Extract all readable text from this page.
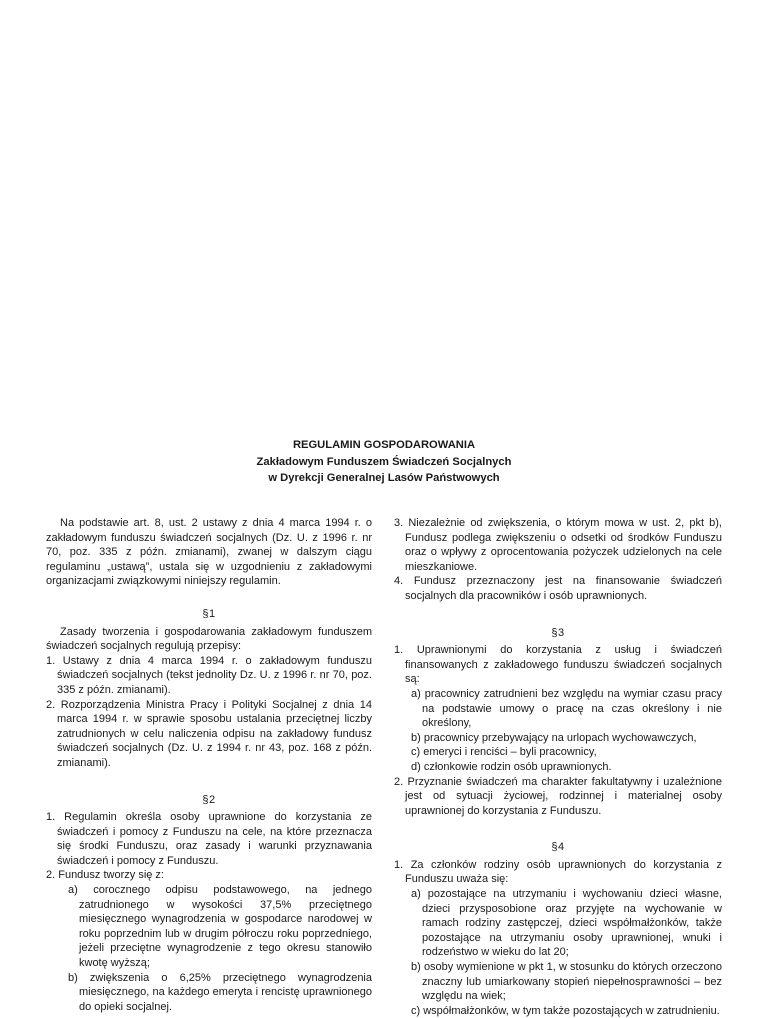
REGULAMIN GOSPODAROWANIA
Zakładowym Funduszem Świadczeń Socjalnych
w Dyrekcji Generalnej Lasów Państwowych

Na podstawie art. 8, ust. 2 ustawy z dnia 4 marca 1994 r. o zakładowym funduszu świadczeń socjalnych (Dz. U. z 1996 r. nr 70, poz. 335 z późn. zmianami), zwanej w dalszym ciągu regulaminu „ustawą”, ustala się w uzgodnieniu z zakładowymi organizacjami związkowymi niniejszy regulamin.

§1

Zasady tworzenia i gospodarowania zakładowym funduszem świadczeń socjalnych regulują przepisy:

1. Ustawy z dnia 4 marca 1994 r. o zakładowym funduszu świadczeń socjalnych (tekst jednolity Dz. U. z 1996 r. nr 70, poz. 335 z późn. zmianami).

2. Rozporządzenia Ministra Pracy i Polityki Socjalnej z dnia 14 marca 1994 r. w sprawie sposobu ustalania przeciętnej liczby zatrudnionych w celu naliczenia odpisu na zakładowy fundusz świadczeń socjalnych (Dz. U. z 1994 r. nr 43, poz. 168 z późn. zmianami).

§2

1. Regulamin określa osoby uprawnione do korzystania ze świadczeń i pomocy z Funduszu na cele, na które przeznacza się środki Funduszu, oraz zasady i warunki przyznawania świadczeń i pomocy z Funduszu.

2. Fundusz tworzy się z:

a) corocznego odpisu podstawowego, na jednego zatrudnionego w wysokości 37,5% przeciętnego miesięcznego wynagrodzenia w gospodarce narodowej w roku poprzednim lub w drugim półroczu roku poprzedniego, jeżeli przeciętne wynagrodzenie z tego okresu stanowiło kwotę wyższą;

b) zwiększenia o 6,25% przeciętnego wynagrodzenia miesięcznego, na każdego emeryta i rencistę uprawnionego do opieki socjalnej.

3. Niezależnie od zwiększenia, o którym mowa w ust. 2, pkt b), Fundusz podlega zwiększeniu o odsetki od środków Funduszu oraz o wpływy z oprocentowania pożyczek udzielonych na cele mieszkaniowe.

4. Fundusz przeznaczony jest na finansowanie świadczeń socjalnych dla pracowników i osób uprawnionych.

§3

1. Uprawnionymi do korzystania z usług i świadczeń finansowanych z zakładowego funduszu świadczeń socjalnych są:

a) pracownicy zatrudnieni bez względu na wymiar czasu pracy na podstawie umowy o pracę na czas określony i nie określony,

b) pracownicy przebywający na urlopach wychowawczych,

c) emeryci i renciści – byli pracownicy,

d) członkowie rodzin osób uprawnionych.

2. Przyznanie świadczeń ma charakter fakultatywny i uzależnione jest od sytuacji życiowej, rodzinnej i materialnej osoby uprawnionej do korzystania z Funduszu.

§4

1. Za członków rodziny osób uprawnionych do korzystania z Funduszu uważa się:

a) pozostające na utrzymaniu i wychowaniu dzieci własne, dzieci przysposobione oraz przyjęte na wychowanie w ramach rodziny zastępczej, dzieci współmałżonków, także pozostające na utrzymaniu osoby uprawnionej, wnuki i rodzeństwo w wieku do lat 20;

b) osoby wymienione w pkt 1, w stosunku do których orzeczono znaczny lub umiarkowany stopień niepełnosprawności – bez względu na wiek;

c) współmałżonków, w tym także pozostających w zatrudnieniu.
